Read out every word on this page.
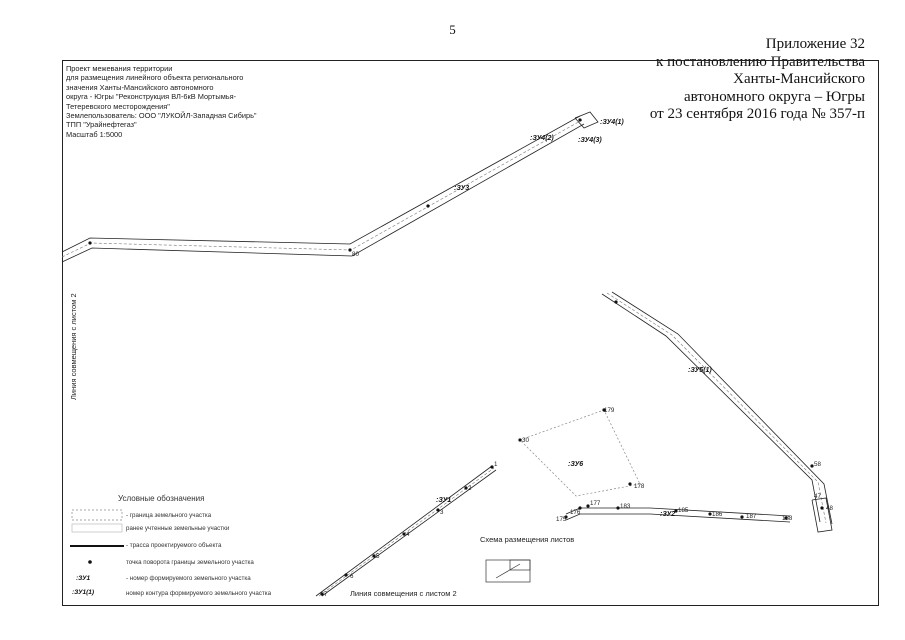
5
Приложение 32
к постановлению Правительства
Ханты-Мансийского
автономного округа – Югры
от 23 сентября 2016 года № 357-п
Проект межевания территории
для размещения линейного объекта регионального
значения Ханты-Мансийского автономного
округа - Югры "Реконструкция ВЛ-6кВ Мортымья-
Тетеревского месторождения"
Землепользователь: ООО "ЛУКОЙЛ-Западная Сибирь"
ТПП "Урайнефтегаз"
Масштаб 1:5000
1
2
3
4
5
6
7
30
179
178
175
176
177	183
185
186	187	188
80
58
47
48
:ЗУ1
:ЗУ2
:ЗУ3
:ЗУ4(1)
:ЗУ4(2)	:ЗУ4(3)
:ЗУ5(1)
:ЗУ6
:ЗУ1
:ЗУ1(1)
Линия совмещения с листом 2
Линия совмещения с листом 2
Условные обозначения
- граница земельного участка
ранее учтенные земельные участки
- трасса проектируемого объекта
точка поворота границы земельного участка
- номер формируемого земельного участка
номер контура формируемого земельного участка
Схема размещения листов
